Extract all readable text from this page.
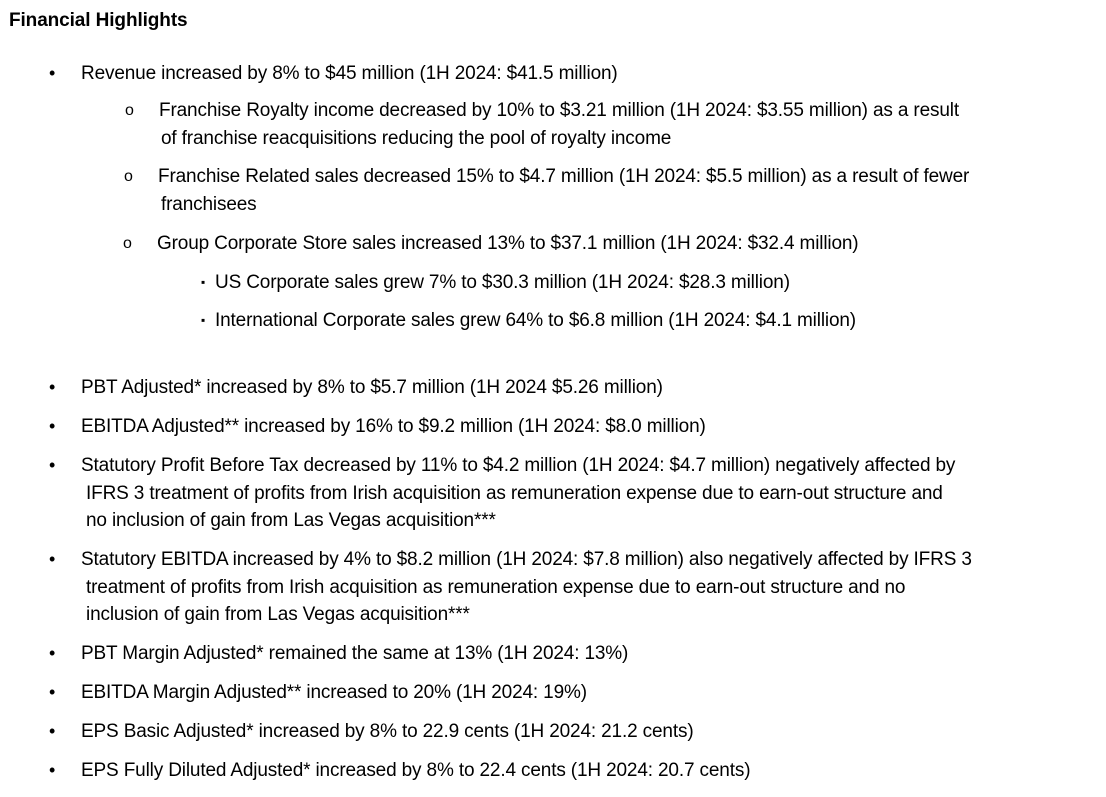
Financial Highlights
• Revenue increased by 8% to $45 million (1H 2024: $41.5 million)
o Franchise Royalty income decreased by 10% to $3.21 million (1H 2024: $3.55 million) as a result
of franchise reacquisitions reducing the pool of royalty income
o Franchise Related sales decreased 15% to $4.7 million (1H 2024: $5.5 million) as a result of fewer
franchisees
o Group Corporate Store sales increased 13% to $37.1 million (1H 2024: $32.4 million)
▪ US Corporate sales grew 7% to $30.3 million (1H 2024: $28.3 million)
▪ International Corporate sales grew 64% to $6.8 million (1H 2024: $4.1 million)
• PBT Adjusted* increased by 8% to $5.7 million (1H 2024 $5.26 million)
• EBITDA Adjusted** increased by 16% to $9.2 million (1H 2024: $8.0 million)
• Statutory Profit Before Tax decreased by 11% to $4.2 million (1H 2024: $4.7 million) negatively affected by
IFRS 3 treatment of profits from Irish acquisition as remuneration expense due to earn-out structure and
no inclusion of gain from Las Vegas acquisition***
• Statutory EBITDA increased by 4% to $8.2 million (1H 2024: $7.8 million) also negatively affected by IFRS 3
treatment of profits from Irish acquisition as remuneration expense due to earn-out structure and no
inclusion of gain from Las Vegas acquisition***
• PBT Margin Adjusted* remained the same at 13% (1H 2024: 13%)
• EBITDA Margin Adjusted** increased to 20% (1H 2024: 19%)
• EPS Basic Adjusted* increased by 8% to 22.9 cents (1H 2024: 21.2 cents)
• EPS Fully Diluted Adjusted* increased by 8% to 22.4 cents (1H 2024: 20.7 cents)
